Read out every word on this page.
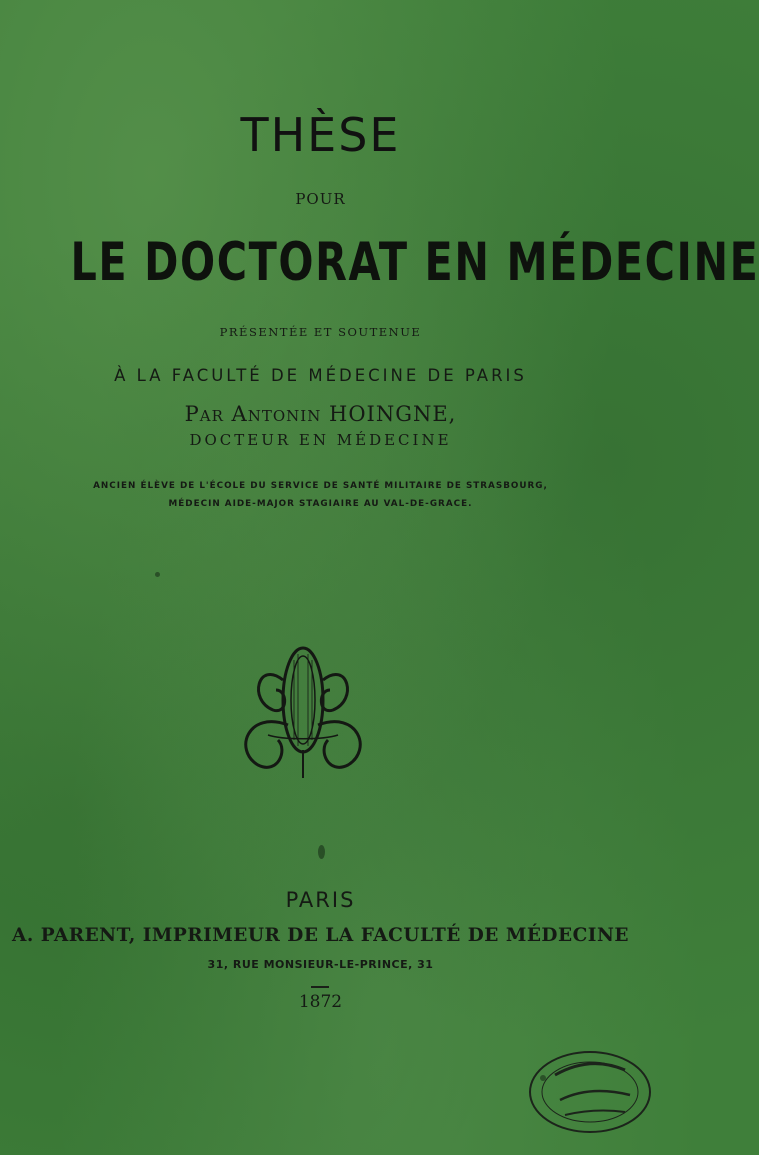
THÈSE
POUR
LE DOCTORAT EN MÉDECINE
PRÉSENTÉE ET SOUTENUE
À LA FACULTÉ DE MÉDECINE DE PARIS
Par Antonin HOINGNE,
DOCTEUR EN MÉDECINE
ANCIEN ÉLÈVE DE L'ÉCOLE DU SERVICE DE SANTÉ MILITAIRE DE STRASBOURG,
MÉDECIN AIDE-MAJOR STAGIAIRE AU VAL-DE-GRACE.
PARIS
A. PARENT, IMPRIMEUR DE LA FACULTÉ DE MÉDECINE
31, RUE MONSIEUR-LE-PRINCE, 31
1872
